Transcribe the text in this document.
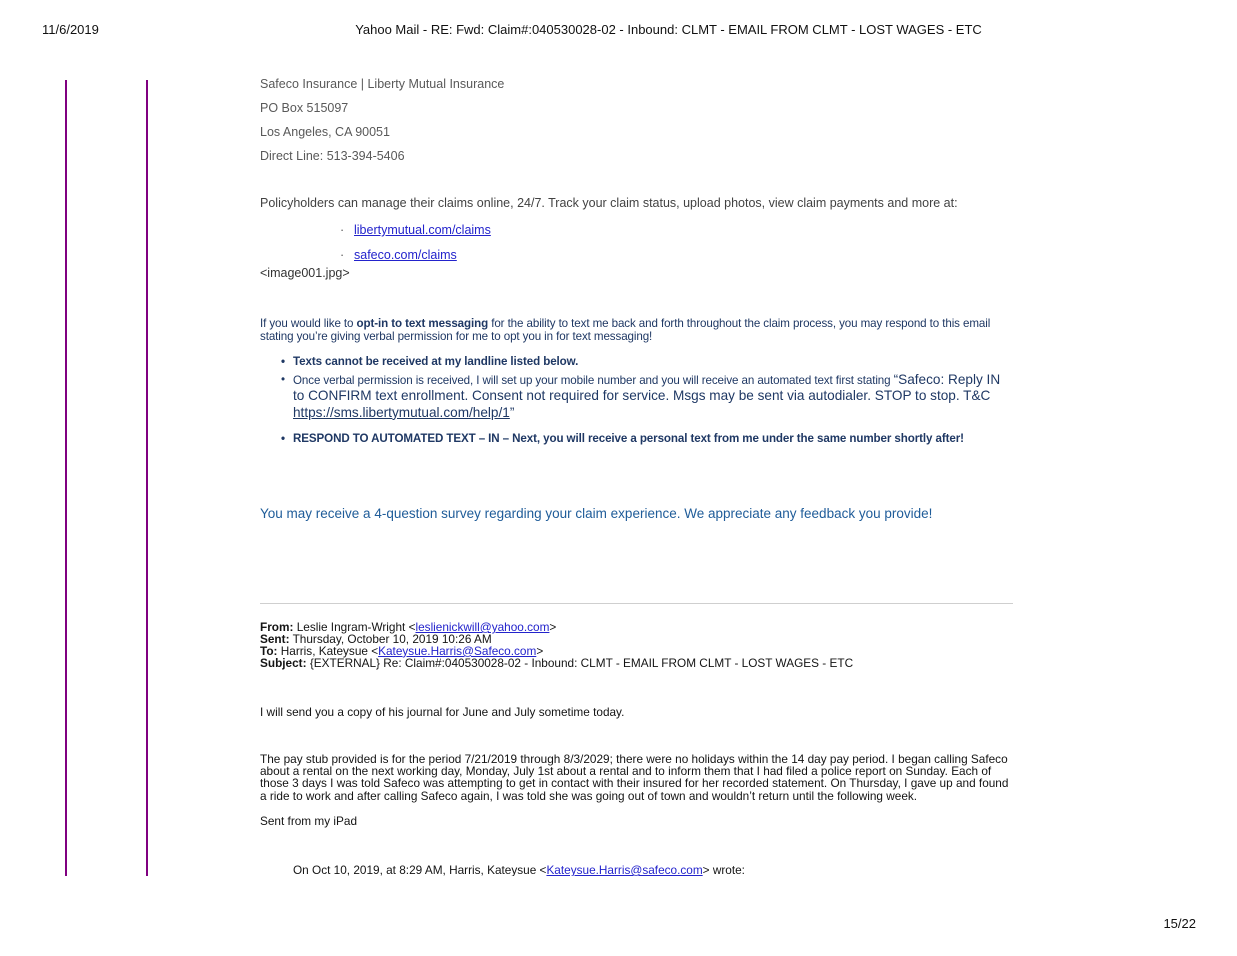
11/6/2019	Yahoo Mail - RE: Fwd: Claim#:040530028-02 - Inbound: CLMT - EMAIL FROM CLMT - LOST WAGES - ETC
Safeco Insurance | Liberty Mutual Insurance
PO Box 515097
Los Angeles, CA 90051
Direct Line: 513-394-5406
Policyholders can manage their claims online, 24/7. Track your claim status, upload photos, view claim payments and more at:
· libertymutual.com/claims
· safeco.com/claims
<image001.jpg>
If you would like to opt-in to text messaging for the ability to text me back and forth throughout the claim process, you may respond to this email stating you’re giving verbal permission for me to opt you in for text messaging!
• Texts cannot be received at my landline listed below.
• Once verbal permission is received, I will set up your mobile number and you will receive an automated text first stating “Safeco: Reply IN to CONFIRM text enrollment. Consent not required for service. Msgs may be sent via autodialer. STOP to stop. T&C https://sms.libertymutual.com/help/1”
• RESPOND TO AUTOMATED TEXT – IN – Next, you will receive a personal text from me under the same number shortly after!
You may receive a 4-question survey regarding your claim experience. We appreciate any feedback you provide!
From: Leslie Ingram-Wright <leslienickwill@yahoo.com>
Sent: Thursday, October 10, 2019 10:26 AM
To: Harris, Kateysue <Kateysue.Harris@Safeco.com>
Subject: {EXTERNAL} Re: Claim#:040530028-02 - Inbound: CLMT - EMAIL FROM CLMT - LOST WAGES - ETC
I will send you a copy of his journal for June and July sometime today.
The pay stub provided is for the period 7/21/2019 through 8/3/2029; there were no holidays within the 14 day pay period. I began calling Safeco about a rental on the next working day, Monday, July 1st about a rental and to inform them that I had filed a police report on Sunday. Each of those 3 days I was told Safeco was attempting to get in contact with their insured for her recorded statement. On Thursday, I gave up and found a ride to work and after calling Safeco again, I was told she was going out of town and wouldn’t return until the following week.
Sent from my iPad
On Oct 10, 2019, at 8:29 AM, Harris, Kateysue <Kateysue.Harris@safeco.com> wrote:
15/22
